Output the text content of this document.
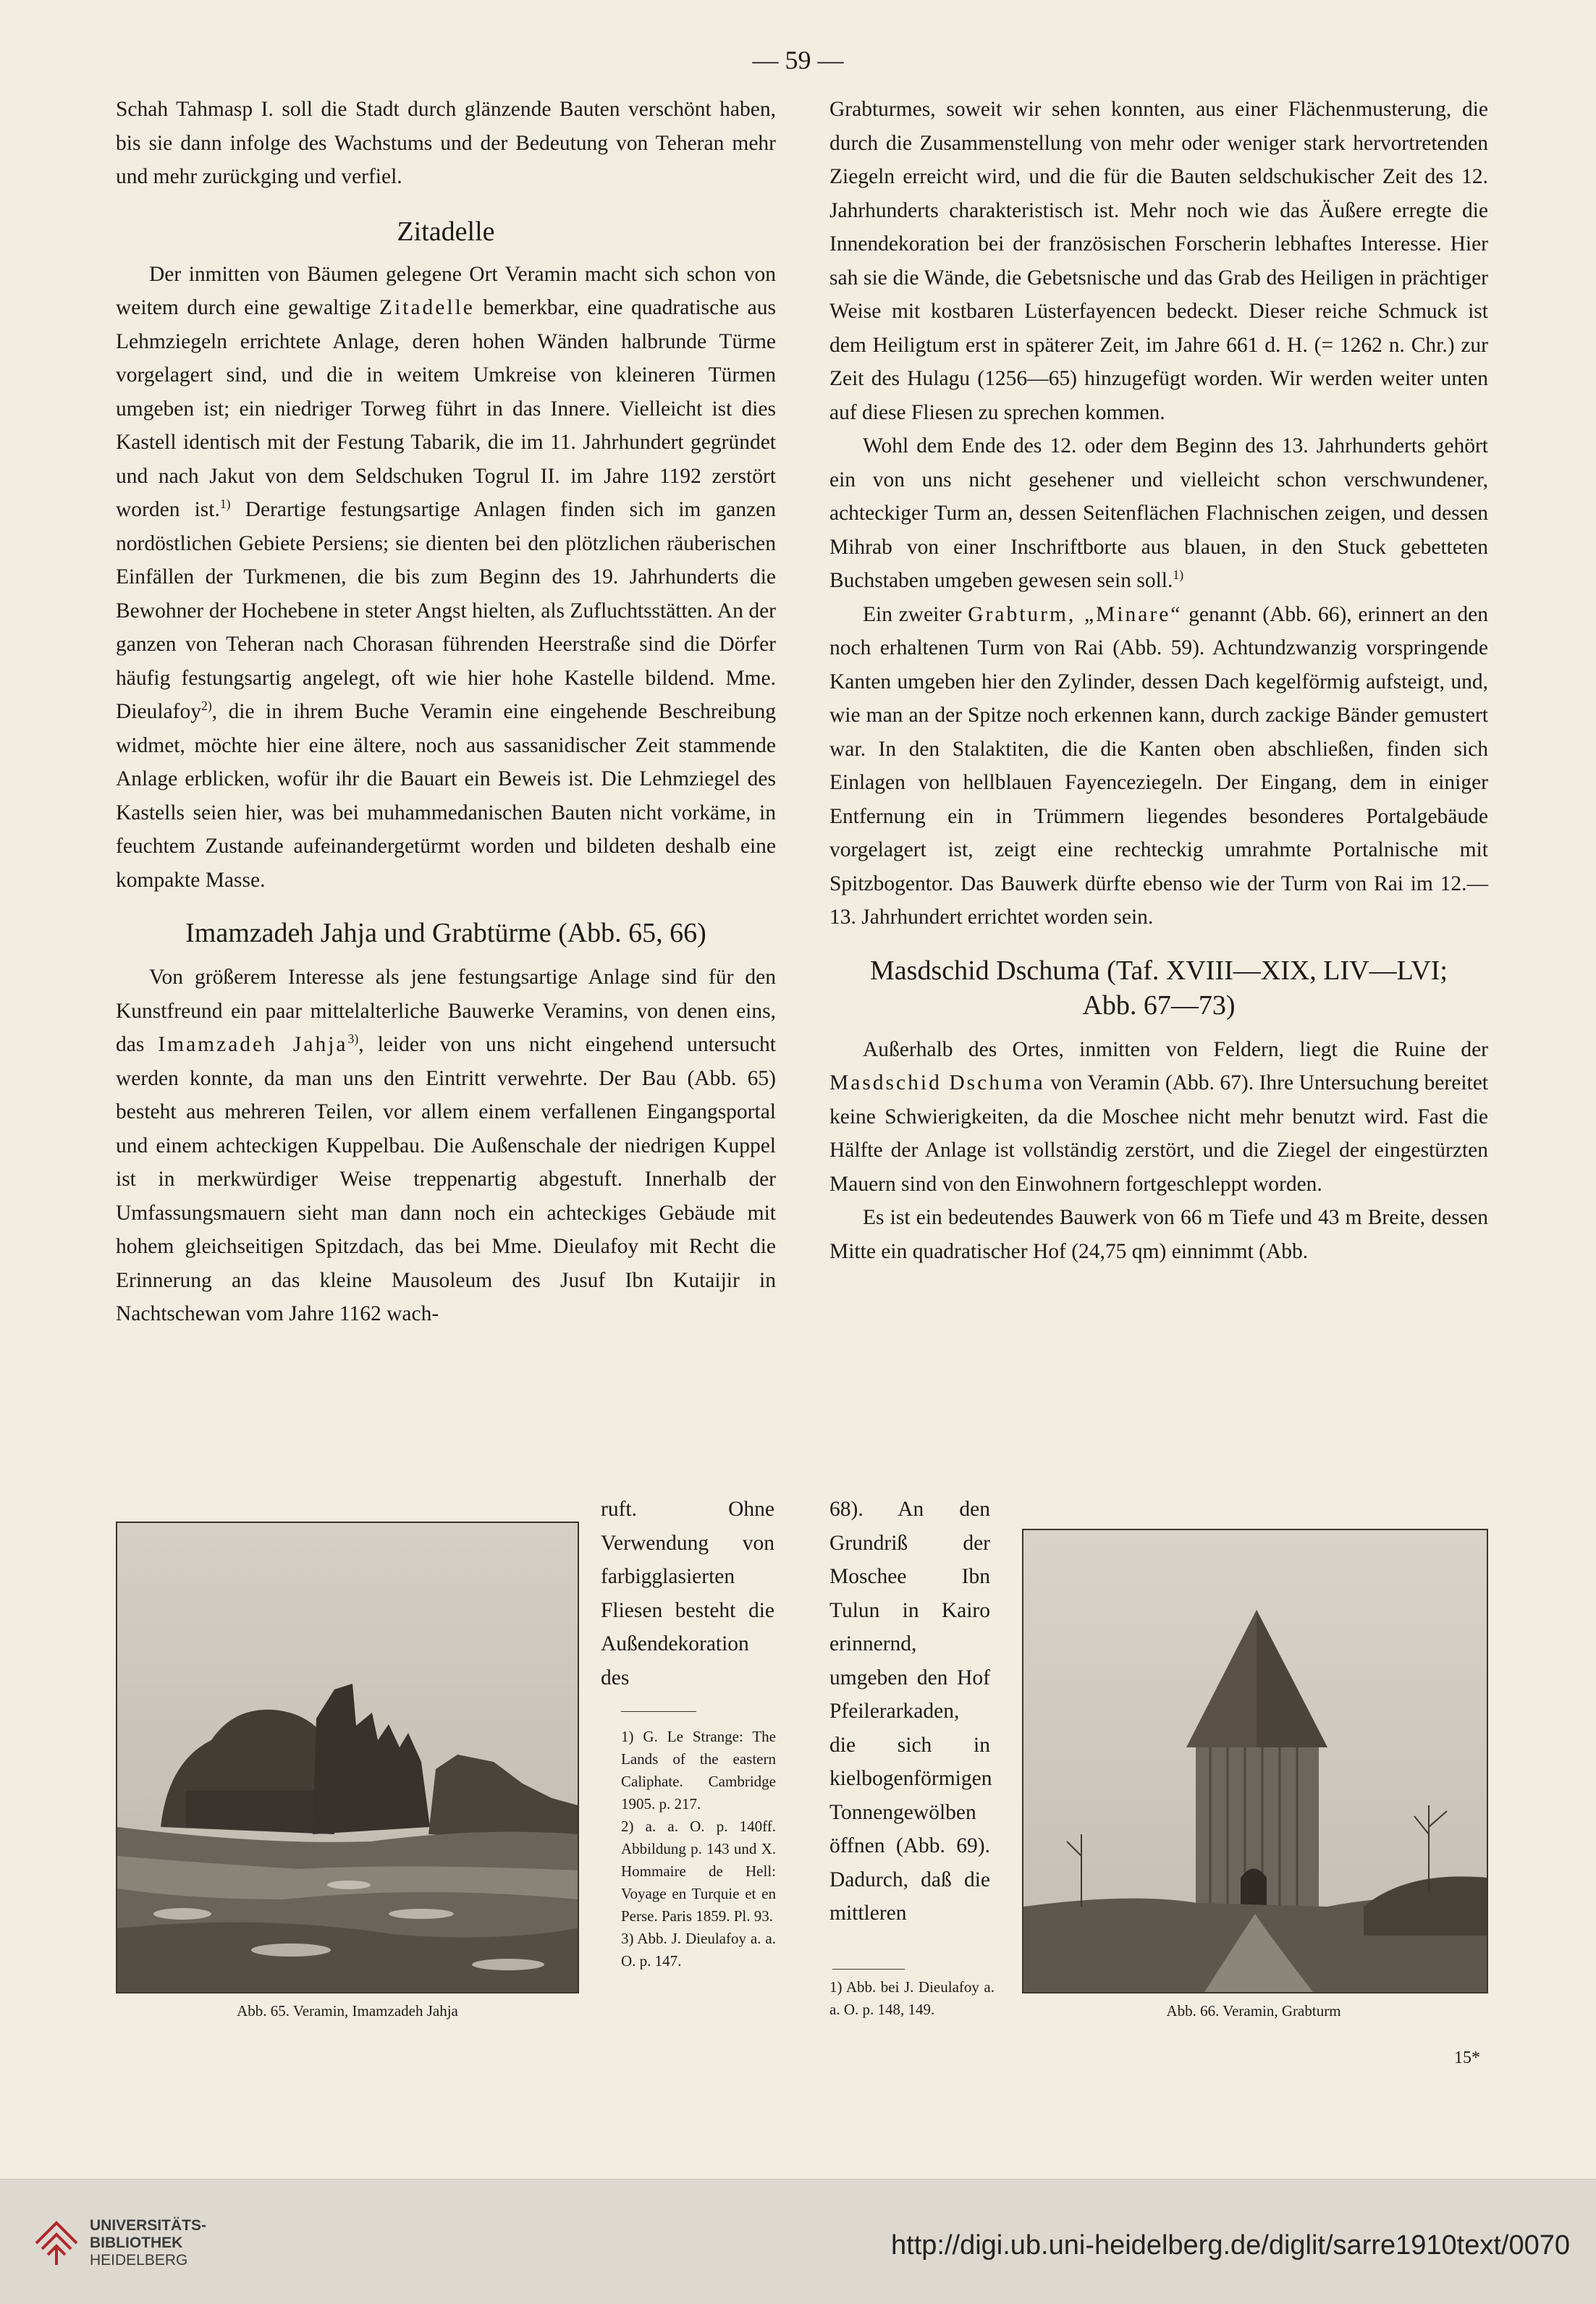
— 59 —

Schah Tahmasp I. soll die Stadt durch glänzende Bauten verschönt haben, bis sie dann infolge des Wachstums und der Bedeutung von Teheran mehr und mehr zurückging und verfiel.

Zitadelle

Der inmitten von Bäumen gelegene Ort Veramin macht sich schon von weitem durch eine gewaltige Zitadelle bemerkbar, eine quadratische aus Lehmziegeln errichtete Anlage, deren hohen Wänden halbrunde Türme vorgelagert sind, und die in weitem Umkreise von kleineren Türmen umgeben ist; ein niedriger Torweg führt in das Innere. Vielleicht ist dies Kastell identisch mit der Festung Tabarik, die im 11. Jahrhundert gegründet und nach Jakut von dem Seldschuken Togrul II. im Jahre 1192 zerstört worden ist.$^{1)}$ Derartige festungsartige Anlagen finden sich im ganzen nordöstlichen Gebiete Persiens; sie dienten bei den plötzlichen räuberischen Einfällen der Turkmenen, die bis zum Beginn des 19. Jahrhunderts die Bewohner der Hochebene in steter Angst hielten, als Zufluchtsstätten. An der ganzen von Teheran nach Chorasan führenden Heerstraße sind die Dörfer häufig festungsartig angelegt, oft wie hier hohe Kastelle bildend. Mme. Dieulafoy$^{2)}$, die in ihrem Buche Veramin eine eingehende Beschreibung widmet, möchte hier eine ältere, noch aus sassanidischer Zeit stammende Anlage erblicken, wofür ihr die Bauart ein Beweis ist. Die Lehmziegel des Kastells seien hier, was bei muhammedanischen Bauten nicht vorkäme, in feuchtem Zustande aufeinandergetürmt worden und bildeten deshalb eine kompakte Masse.

Imamzadeh Jahja und Grabtürme (Abb. 65, 66)

Von größerem Interesse als jene festungsartige Anlage sind für den Kunstfreund ein paar mittelalterliche Bauwerke Veramins, von denen eins, das Imamzadeh Jahja$^{3)}$, leider von uns nicht eingehend untersucht werden konnte, da man uns den Eintritt verwehrte. Der Bau (Abb. 65) besteht aus mehreren Teilen, vor allem einem verfallenen Eingangsportal und einem achteckigen Kuppelbau. Die Außenschale der niedrigen Kuppel ist in merkwürdiger Weise treppenartig abgestuft. Innerhalb der Umfassungsmauern sieht man dann noch ein achteckiges Gebäude mit hohem gleichseitigen Spitzdach, das bei Mme. Dieulafoy mit Recht die Erinnerung an das kleine Mausoleum des Jusuf Ibn Kutaijir in Nachtschewan vom Jahre 1162 wach-

ruft. Ohne Verwendung von farbigglasierten Fliesen besteht die Außendekoration des

1) G. Le Strange: The Lands of the eastern Caliphate. Cambridge 1905. p. 217.

2) a. a. O. p. 140ff. Abbildung p. 143 und X. Hommaire de Hell: Voyage en Turquie et en Perse. Paris 1859. Pl. 93.

3) Abb. J. Dieulafoy a. a. O. p. 147.

Abb. 65. Veramin, Imamzadeh Jahja

Grabturmes, soweit wir sehen konnten, aus einer Flächenmusterung, die durch die Zusammenstellung von mehr oder weniger stark hervortretenden Ziegeln erreicht wird, und die für die Bauten seldschukischer Zeit des 12. Jahrhunderts charakteristisch ist. Mehr noch wie das Äußere erregte die Innendekoration bei der französischen Forscherin lebhaftes Interesse. Hier sah sie die Wände, die Gebetsnische und das Grab des Heiligen in prächtiger Weise mit kostbaren Lüsterfayencen bedeckt. Dieser reiche Schmuck ist dem Heiligtum erst in späterer Zeit, im Jahre 661 d. H. (= 1262 n. Chr.) zur Zeit des Hulagu (1256—65) hinzugefügt worden. Wir werden weiter unten auf diese Fliesen zu sprechen kommen.

Wohl dem Ende des 12. oder dem Beginn des 13. Jahrhunderts gehört ein von uns nicht gesehener und vielleicht schon verschwundener, achteckiger Turm an, dessen Seitenflächen Flachnischen zeigen, und dessen Mihrab von einer Inschriftborte aus blauen, in den Stuck gebetteten Buchstaben umgeben gewesen sein soll.$^{1)}$

Ein zweiter Grabturm, „Minare“ genannt (Abb. 66), erinnert an den noch erhaltenen Turm von Rai (Abb. 59). Achtundzwanzig vorspringende Kanten umgeben hier den Zylinder, dessen Dach kegelförmig aufsteigt, und, wie man an der Spitze noch erkennen kann, durch zackige Bänder gemustert war. In den Stalaktiten, die die Kanten oben abschließen, finden sich Einlagen von hellblauen Fayenceziegeln. Der Eingang, dem in einiger Entfernung ein in Trümmern liegendes besonderes Portalgebäude vorgelagert ist, zeigt eine rechteckig umrahmte Portalnische mit Spitzbogentor. Das Bauwerk dürfte ebenso wie der Turm von Rai im 12.—13. Jahrhundert errichtet worden sein.

Masdschid Dschuma (Taf. XVIII—XIX, LIV—LVI;
Abb. 67—73)

Außerhalb des Ortes, inmitten von Feldern, liegt die Ruine der Masdschid Dschuma von Veramin (Abb. 67). Ihre Untersuchung bereitet keine Schwierigkeiten, da die Moschee nicht mehr benutzt wird. Fast die Hälfte der Anlage ist vollständig zerstört, und die Ziegel der eingestürzten Mauern sind von den Einwohnern fortgeschleppt worden.

Es ist ein bedeutendes Bauwerk von 66 m Tiefe und 43 m Breite, dessen Mitte ein quadratischer Hof (24,75 qm) einnimmt (Abb.

68). An den Grundriß der Moschee Ibn Tulun in Kairo erinnernd, umgeben den Hof Pfeilerarkaden, die sich in kielbogenförmigen Tonnengewölben öffnen (Abb. 69). Dadurch, daß die mittleren
1) Abb. bei J. Dieulafoy a. a. O. p. 148, 149.	Abb. 66. Veramin, Grabturm
15*
UNIVERSITÄTS-
BIBLIOTHEK
HEIDELBERG	http://digi.ub.uni-heidelberg.de/diglit/sarre1910text/0070
